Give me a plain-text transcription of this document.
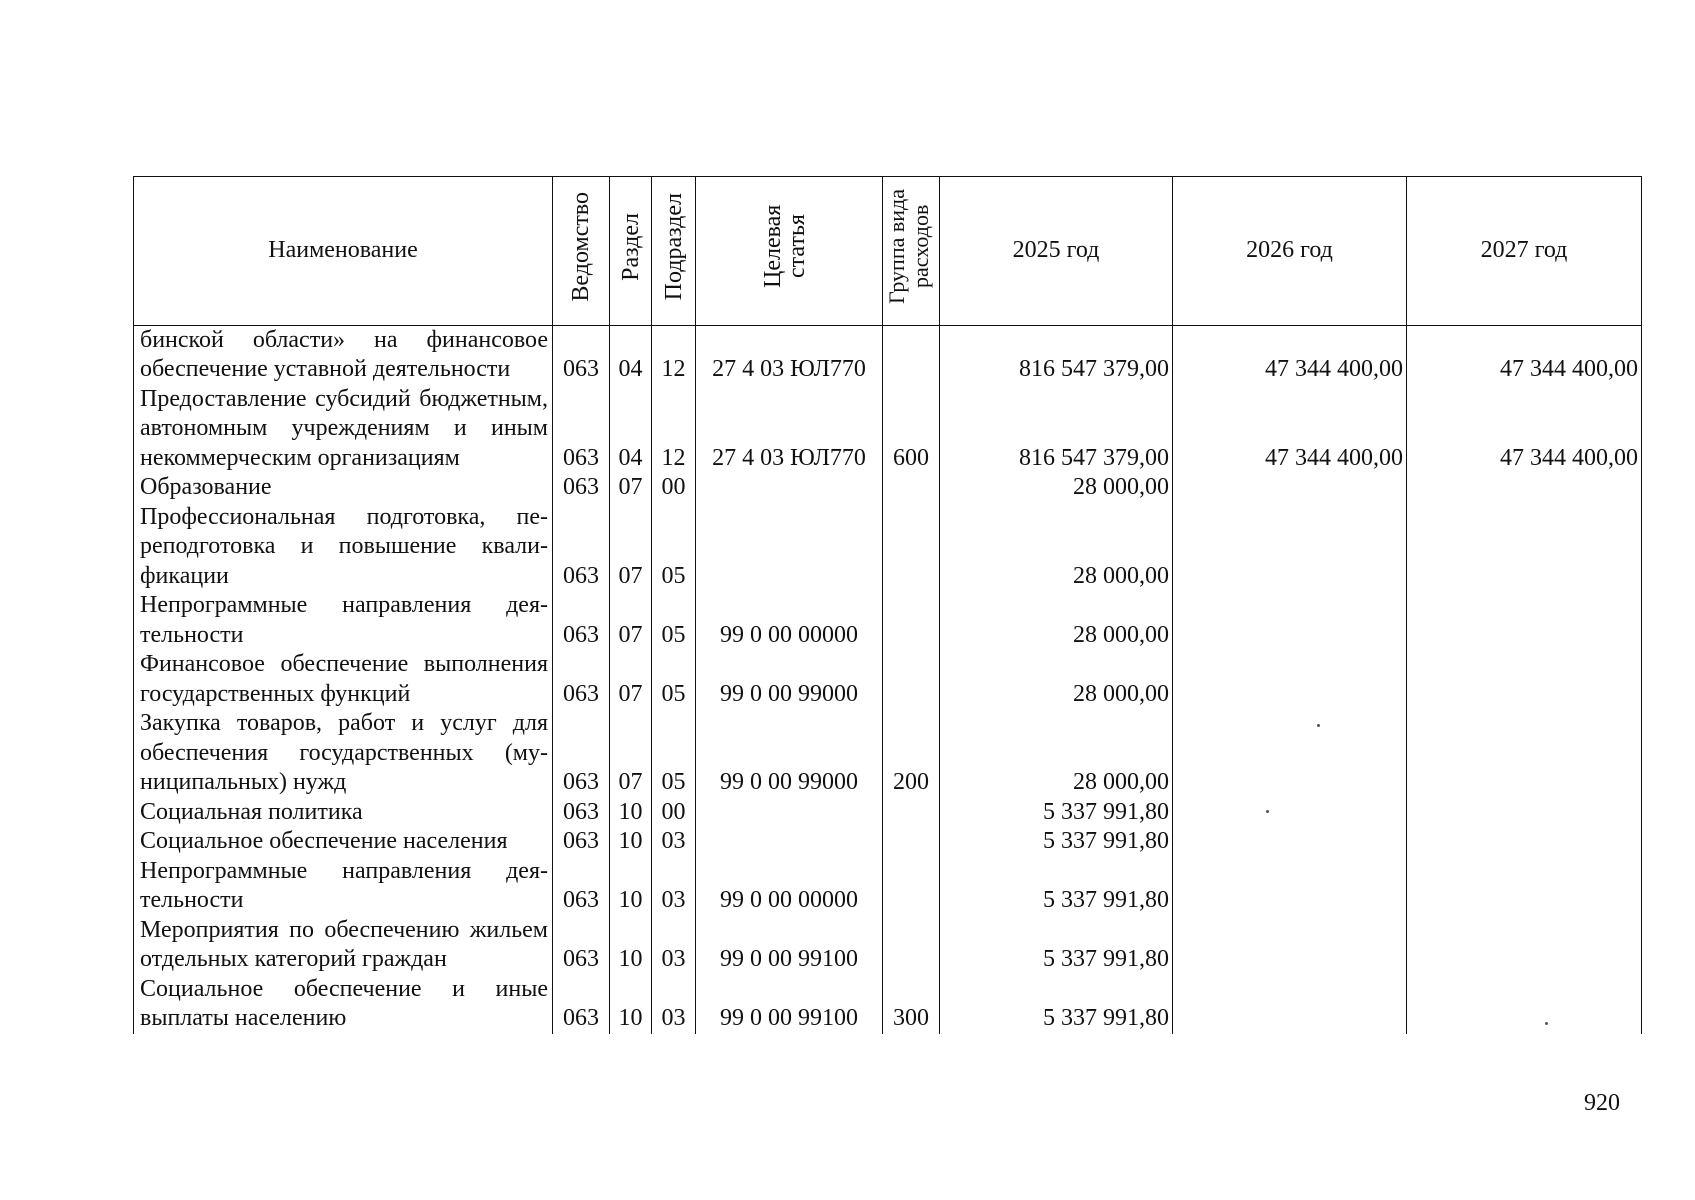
Наименование	Ведомство	Раздел	Подраздел	Целевая статья	Группа вида расходов	2025 год	2026 год	2027 год
бинской области» на финансовое обеспечение уставной деятельности	063	04	12	27 4 03 ЮЛ770		816 547 379,00	47 344 400,00	47 344 400,00
Предоставление субсидий бюджетным, автономным учреждениям и иным некоммерческим организациям	063	04	12	27 4 03 ЮЛ770	600	816 547 379,00	47 344 400,00	47 344 400,00
Образование	063	07	00			28 000,00		
Профессиональная подготовка, переподготовка и повышение квалификации	063	07	05			28 000,00		
Непрограммные направления деятельности	063	07	05	99 0 00 00000		28 000,00		
Финансовое обеспечение выполнения государственных функций	063	07	05	99 0 00 99000		28 000,00		
Закупка товаров, работ и услуг для обеспечения государственных (муниципальных) нужд	063	07	05	99 0 00 99000	200	28 000,00		
Социальная политика	063	10	00			5 337 991,80		
Социальное обеспечение населения	063	10	03			5 337 991,80		
Непрограммные направления деятельности	063	10	03	99 0 00 00000		5 337 991,80		
Мероприятия по обеспечению жильем отдельных категорий граждан	063	10	03	99 0 00 99100		5 337 991,80		
Социальное обеспечение и иные выплаты населению	063	10	03	99 0 00 99100	300	5 337 991,80		
920
